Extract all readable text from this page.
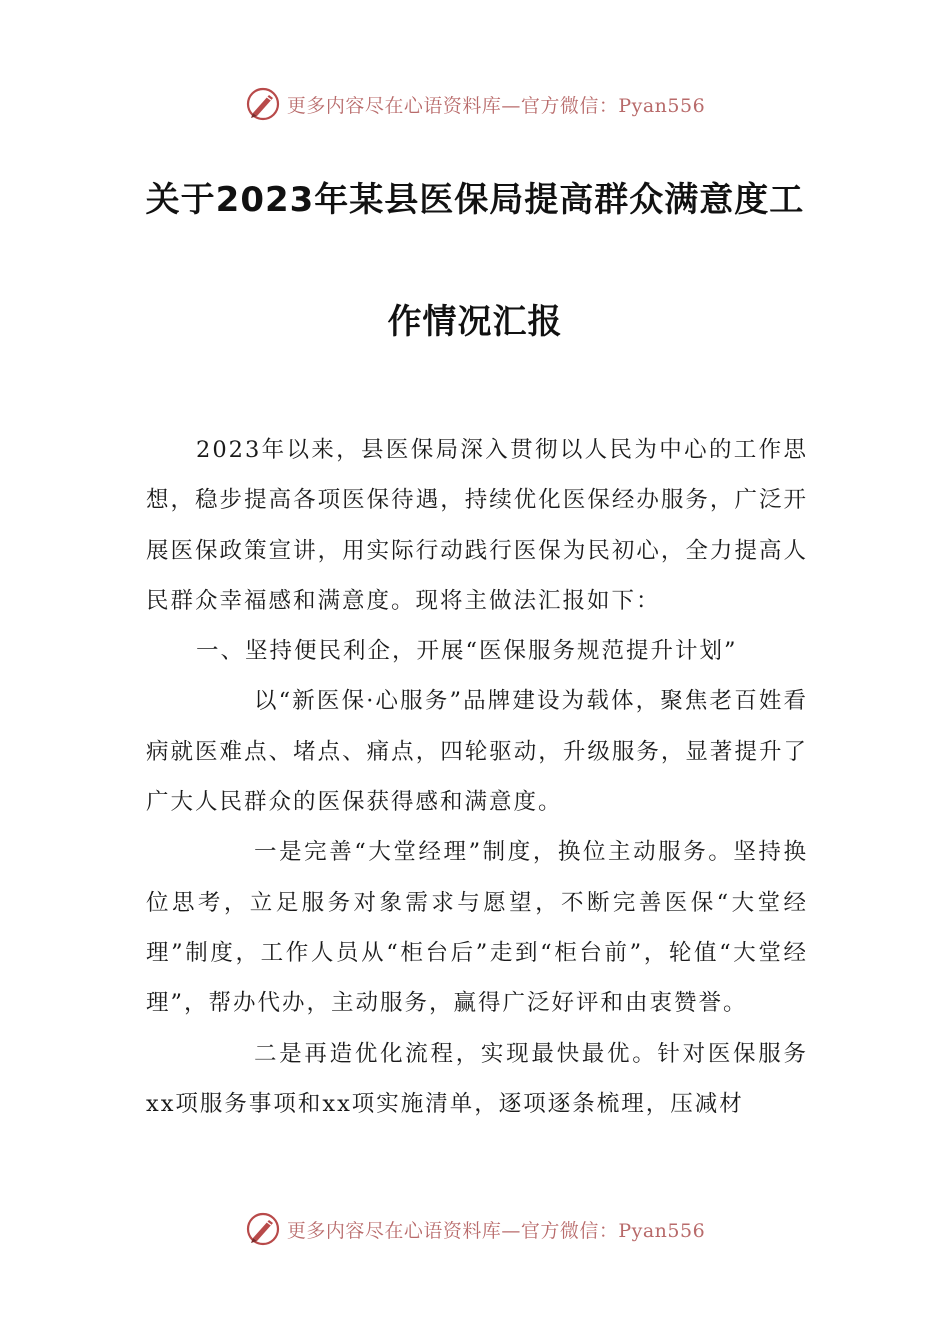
更多内容尽在心语资料库—官方微信：Pyan556
关于2023年某县医保局提高群众满意度工
作情况汇报

2023年以来，县医保局深入贯彻以人民为中心的工作思想，稳步提高各项医保待遇，持续优化医保经办服务，广泛开展医保政策宣讲，用实际行动践行医保为民初心，全力提高人民群众幸福感和满意度。现将主做法汇报如下：

一、坚持便民利企，开展“医保服务规范提升计划”

以“新医保·心服务”品牌建设为载体，聚焦老百姓看病就医难点、堵点、痛点，四轮驱动，升级服务，显著提升了广大人民群众的医保获得感和满意度。

一是完善“大堂经理”制度，换位主动服务。坚持换位思考，立足服务对象需求与愿望，不断完善医保“大堂经理”制度，工作人员从“柜台后”走到“柜台前”，轮值“大堂经理”，帮办代办，主动服务，赢得广泛好评和由衷赞誉。

二是再造优化流程，实现最快最优。针对医保服务xx项服务事项和xx项实施清单，逐项逐条梳理，压减材

更多内容尽在心语资料库—官方微信：Pyan556
